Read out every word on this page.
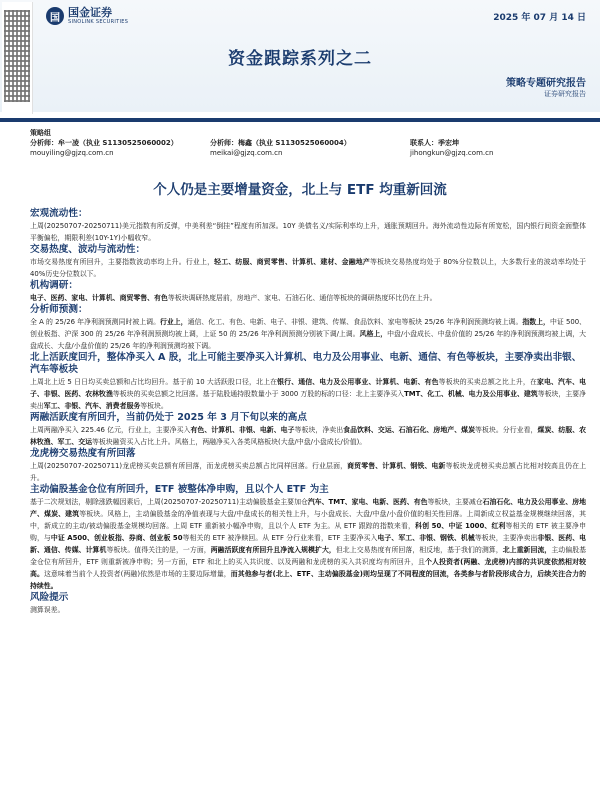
国 国金证券
SINOLINK SECURITIES	2025 年 07 月 14 日
资金跟踪系列之二
策略专题研究报告
证券研究报告
策略组
分析师：牟一凌（执业 S1130525060002）	分析师：梅鑫（执业 S1130525060004）	联系人：季宏坤
mouyiling@gjzq.com.cn	meikai@gjzq.com.cn	jihongkun@gjzq.com.cn
个人仍是主要增量资金，北上与 ETF 均重新回流
宏观流动性：

上周(20250707-20250711)美元指数有所反弹，中美利差“倒挂”程度有所加深。10Y 美债名义/实际利率均上升，通胀预期回升。海外流动性边际有所宽松，国内银行间资金面整体平衡偏松，期限利差(10Y-1Y)小幅收窄。

交易热度、波动与流动性：

市场交易热度有所回升，主要指数波动率均上升。行业上，轻工、纺服、商贸零售、计算机、建材、金融地产等板块交易热度均处于 80%分位数以上，大多数行业的波动率均处于 40%历史分位数以下。

机构调研：

电子、医药、家电、计算机、商贸零售、有色等板块调研热度居前，房地产、家电、石油石化、通信等板块的调研热度环比仍在上升。

分析师预测：

全 A 的 25/26 年净利润预测同时被上调。行业上，通信、化工、有色、电新、电子、非银、建筑、传媒、食品饮料、家电等板块 25/26 年净利润预测均被上调。指数上，中证 500、创业板指、沪深 300 的 25/26 年净利润预测均被上调，上证 50 的 25/26 年净利润预测分别被下调/上调。风格上，中盘/小盘成长、中盘价值的 25/26 年的净利润预测均被上调，大盘成长、大盘/小盘价值的 25/26 年的净利润预测均被下调。

北上活跃度回升，整体净买入 A 股，北上可能主要净买入计算机、电力及公用事业、电新、通信、有色等板块，主要净卖出非银、汽车等板块

上周北上近 5 日日均买卖总额和占比均回升。基于前 10 大活跃股口径，北上在银行、通信、电力及公用事业、计算机、电新、有色等板块的买卖总额之比上升，在家电、汽车、电子、非银、医药、农林牧渔等板块的买卖总额之比回落。基于陆股通持股数量小于 3000 万股的标的口径：北上主要净买入TMT、化工、机械、电力及公用事业、建筑等板块，主要净卖出军工、非银、汽车、消费者服务等板块。

两融活跃度有所回升，当前仍处于 2025 年 3 月下旬以来的高点

上周两融净买入 225.46 亿元，行业上，主要净买入有色、计算机、非银、电新、电子等板块，净卖出食品饮料、交运、石油石化、房地产、煤炭等板块。分行业看，煤炭、纺服、农林牧渔、军工、交运等板块融资买入占比上升。风格上，两融净买入各类风格板块(大盘/中盘/小盘成长/价值)。

龙虎榜交易热度有所回落

上周(20250707-20250711)龙虎榜买卖总额有所回落，而龙虎榜买卖总额占比同样回落。行业层面，商贸零售、计算机、钢铁、电新等板块龙虎榜买卖总额占比相对较高且仍在上升。

主动偏股基金仓位有所回升，ETF 被整体净申购，且以个人 ETF 为主

基于二次规划法，剔除涨跌幅因素后，上周(20250707-20250711)主动偏股基金主要加仓汽车、TMT、家电、电新、医药、有色等板块，主要减仓石油石化、电力及公用事业、房地产、煤炭、建筑等板块。风格上，主动偏股基金的净值表现与大盘/中盘成长的相关性上升，与小盘成长、大盘/中盘/小盘价值的相关性回落。上周新成立权益基金规模继续回落，其中，新成立的主动/被动偏股基金规模均回落。上周 ETF 重新被小幅净申购，且以个人 ETF 为主。从 ETF 跟踪的指数来看，科创 50、中证 1000、红利等相关的 ETF 被主要净申购，与中证 A500、创业板指、券商、创业板 50等相关的 ETF 被净赎回。从 ETF 分行业来看，ETF 主要净买入电子、军工、非银、钢铁、机械等板块，主要净卖出非银、医药、电新、通信、传媒、计算机等板块。值得关注的是，一方面，两融活跃度有所回升且净流入规模扩大，但北上交易热度有所回落，相反地，基于我们的测算，北上重新回流，主动偏股基金仓位有所回升，ETF 则重新被净申购；另一方面，ETF 和北上的买入共识度、以及两融和龙虎榜的买入共识度均有所回升，且个人投资者(两融、龙虎榜)内部的共识度依然相对较高。这意味着当前个人投资者(两融)依然是市场的主要边际增量，而其他参与者(北上、ETF、主动偏股基金)则均呈现了不同程度的回流，各类参与者阶段形成合力，后续关注合力的持续性。

风险提示

测算误差。
